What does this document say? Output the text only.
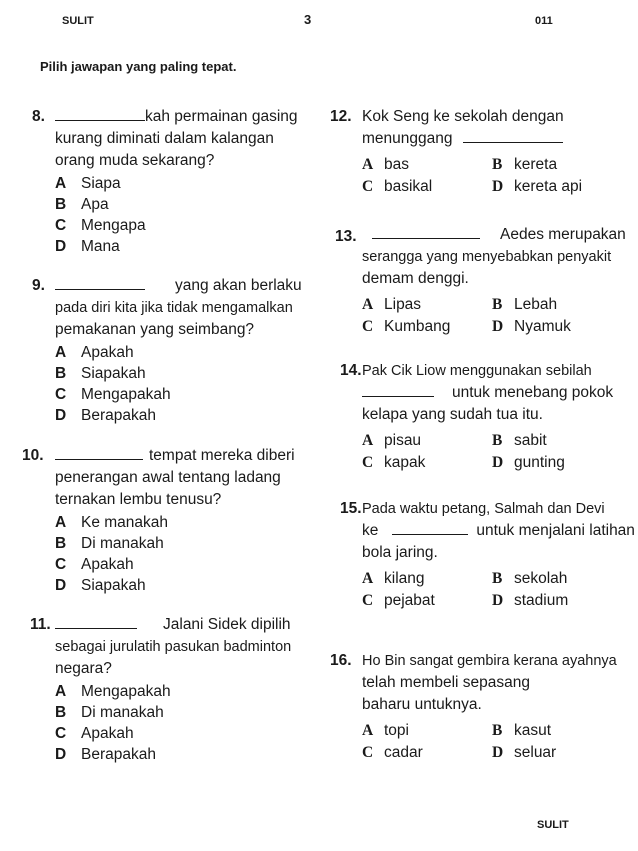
SULIT	3	011
Pilih jawapan yang paling tepat.
8.	kah permainan gasing
kurang diminati dalam kalangan
orang muda sekarang?
A Siapa
B Apa
C Mengapa
D Mana
9.	yang akan berlaku
pada diri kita jika tidak mengamalkan
pemakanan yang seimbang?
A Apakah
B Siapakah
C Mengapakah
D Berapakah
10.	tempat mereka diberi
penerangan awal tentang ladang
ternakan lembu tenusu?
A Ke manakah
B Di manakah
C Apakah
D Siapakah
11.	Jalani Sidek dipilih
sebagai jurulatih pasukan badminton
negara?
A Mengapakah
B Di manakah
C Apakah
D Berapakah
12. Kok Seng ke sekolah dengan
menunggang
A bas	B kereta
C basikal	D kereta api
13.	Aedes merupakan
serangga yang menyebabkan penyakit
demam denggi.
A Lipas	B Lebah
C Kumbang	D Nyamuk
14. Pak Cik Liow menggunakan sebilah
untuk menebang pokok
kelapa yang sudah tua itu.
A pisau	B sabit
C kapak	D gunting
15. Pada waktu petang, Salmah dan Devi
ke	untuk menjalani latihan
bola jaring.
A kilang	B sekolah
C pejabat	D stadium
16. Ho Bin sangat gembira kerana ayahnya
telah membeli sepasang
baharu untuknya.
A topi	B kasut
C cadar	D seluar
SULIT
